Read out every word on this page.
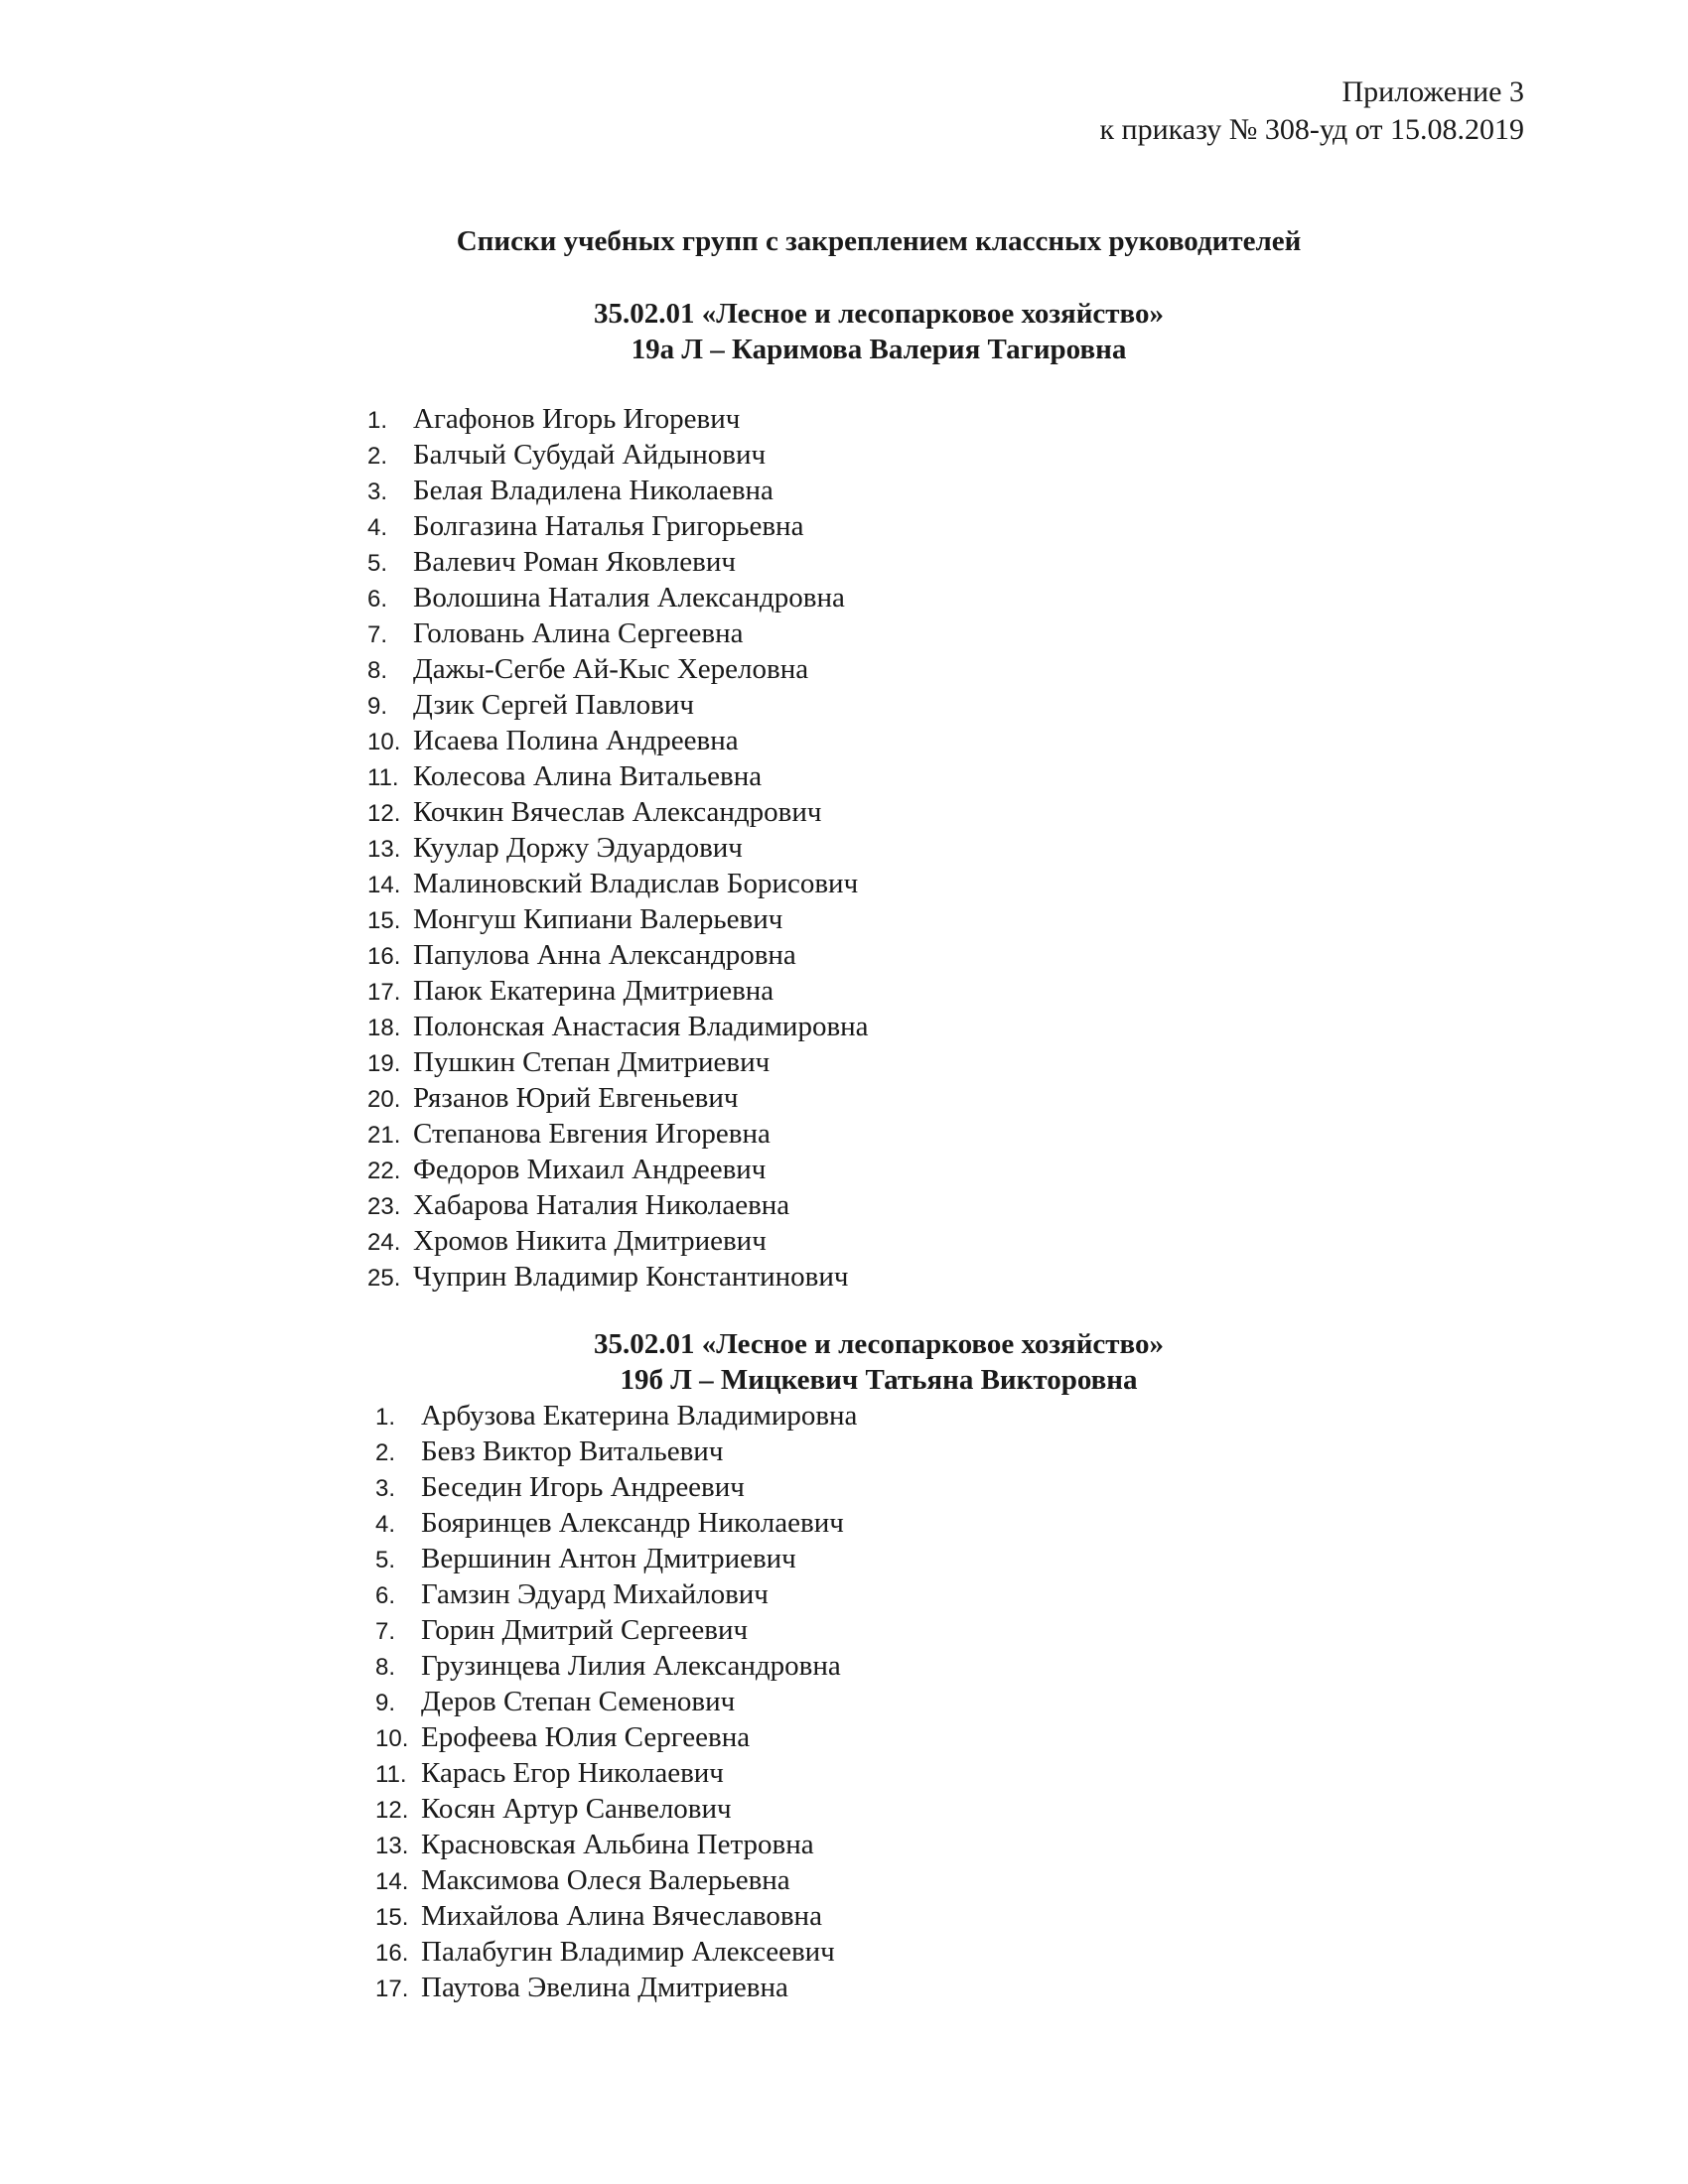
Приложение 3
к приказу № 308-уд от 15.08.2019
Списки учебных групп с закреплением классных руководителей
35.02.01 «Лесное и лесопарковое хозяйство»
19а Л – Каримова Валерия Тагировна
1. Агафонов Игорь Игоревич
2. Балчый Субудай Айдынович
3. Белая Владилена Николаевна
4. Болгазина Наталья Григорьевна
5. Валевич Роман Яковлевич
6. Волошина Наталия Александровна
7. Головань Алина Сергеевна
8. Дажы-Сегбе Ай-Кыс Хереловна
9. Дзик Сергей Павлович
10. Исаева Полина Андреевна
11. Колесова Алина Витальевна
12. Кочкин Вячеслав Александрович
13. Куулар Доржу Эдуардович
14. Малиновский Владислав Борисович
15. Монгуш Кипиани Валерьевич
16. Папулова Анна Александровна
17. Паюк Екатерина Дмитриевна
18. Полонская Анастасия Владимировна
19. Пушкин Степан Дмитриевич
20. Рязанов Юрий Евгеньевич
21. Степанова Евгения Игоревна
22. Федоров Михаил Андреевич
23. Хабарова Наталия Николаевна
24. Хромов Никита Дмитриевич
25. Чуприн Владимир Константинович
35.02.01 «Лесное и лесопарковое хозяйство»
19б Л – Мицкевич Татьяна Викторовна
1. Арбузова Екатерина Владимировна
2. Бевз Виктор Витальевич
3. Беседин Игорь Андреевич
4. Бояринцев Александр Николаевич
5. Вершинин Антон Дмитриевич
6. Гамзин Эдуард Михайлович
7. Горин Дмитрий Сергеевич
8. Грузинцева Лилия Александровна
9. Деров Степан Семенович
10. Ерофеева Юлия Сергеевна
11. Карась Егор Николаевич
12. Косян Артур Санвелович
13. Красновская Альбина Петровна
14. Максимова Олеся Валерьевна
15. Михайлова Алина Вячеславовна
16. Палабугин Владимир Алексеевич
17. Паутова Эвелина Дмитриевна
